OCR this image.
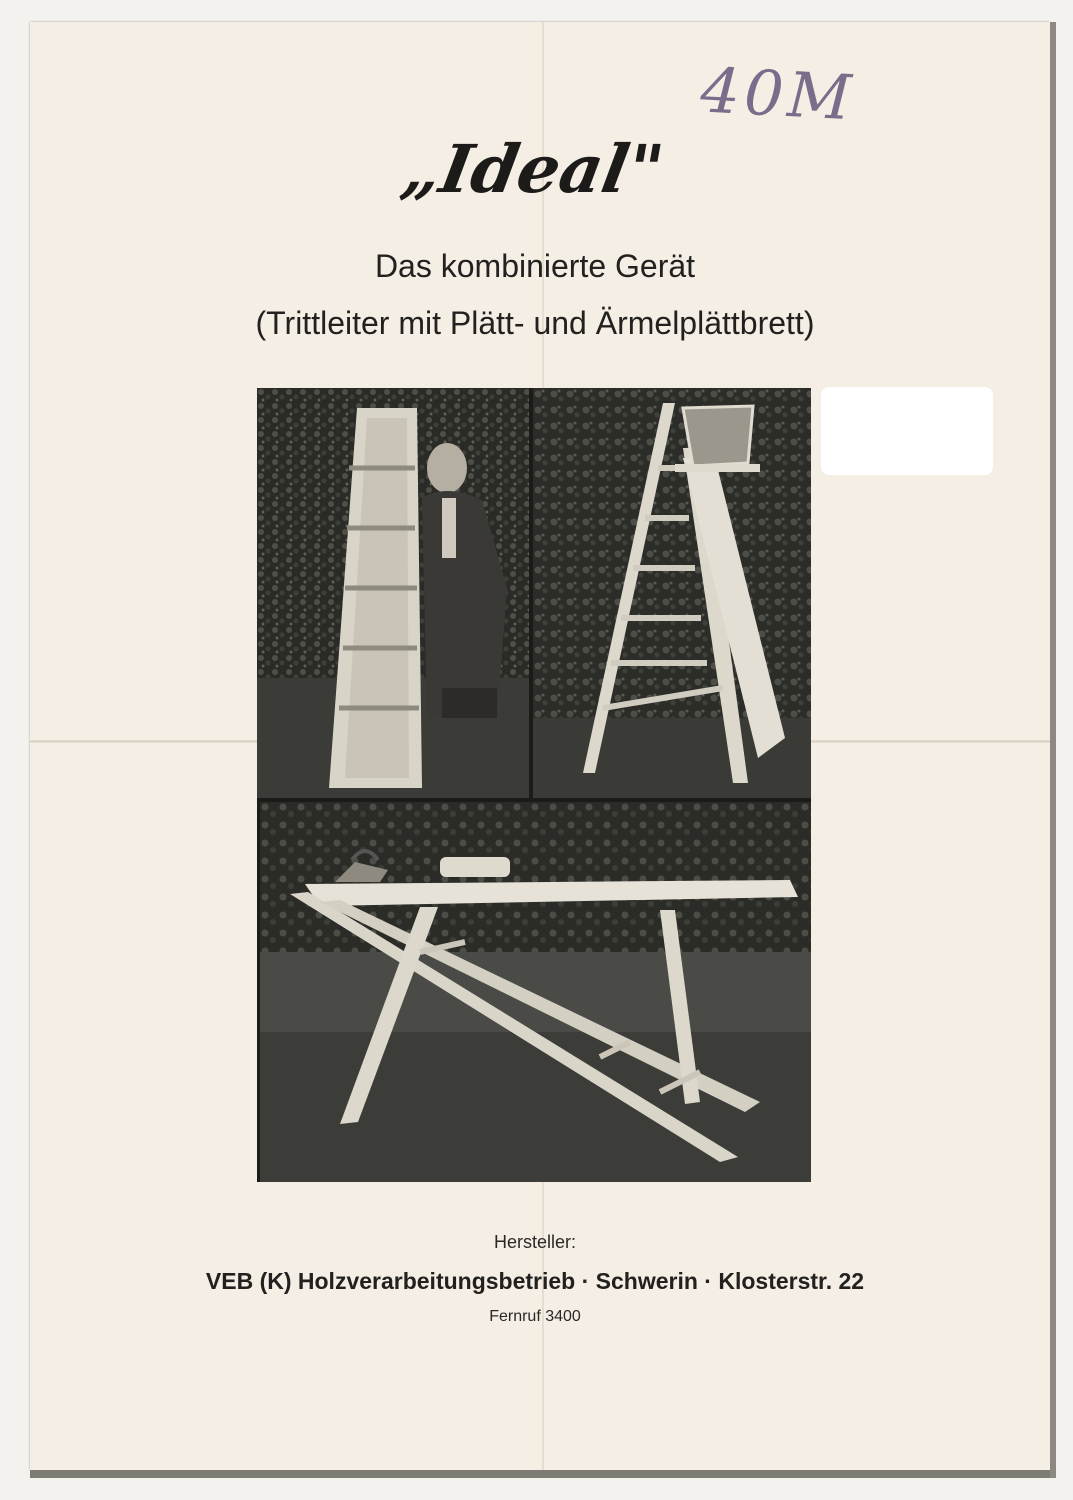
40M
„Ideal"
Das kombinierte Gerät
(Trittleiter mit Plätt- und Ärmelplättbrett)
Hersteller:
VEB (K) Holzverarbeitungsbetrieb · Schwerin · Klosterstr. 22
Fernruf 3400
